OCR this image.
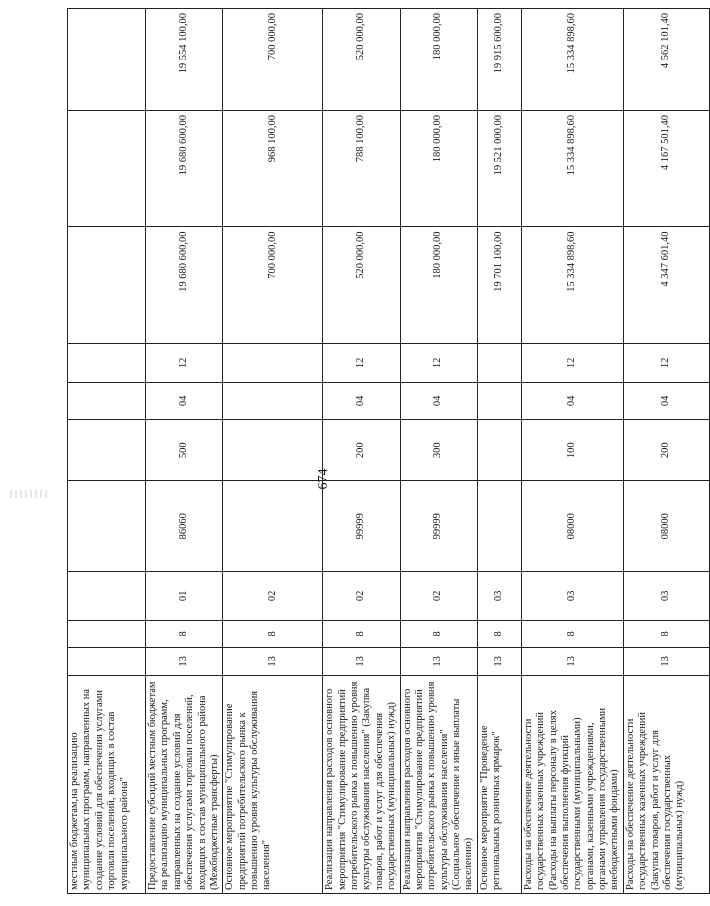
674
местным бюджетам,на реализацию муниципальных программ, направленных на создание условий для обеспечения услугами торговли поселений, входящих в состав муниципального района"										
Предоставление субсидий местным бюджетам на реализацию муниципальных программ, направленных на создание условий для обеспечения услугами торговли поселений, входящих в состав муниципального района (Межбюджетные трансферты)	13	8	01	86060	500	04	12	19 680 600,00	19 680 600,00	19 554 100,00
Основное мероприятие "Стимулирование предприятий потребительского рынка к повышению уровня культуры обслуживания населения"	13	8	02					700 000,00	968 100,00	700 000,00
Реализация направления расходов основного мероприятия "Стимулирование предприятий потребительского рынка к повышению уровня культуры обслуживания населения" (Закупка товаров, работ и услуг для обеспечения государственных (муниципальных) нужд)	13	8	02	99999	200	04	12	520 000,00	788 100,00	520 000,00
Реализация направления расходов основного мероприятия "Стимулирование предприятий потребительского рынка к повышению уровня культуры обслуживания населения" (Социальное обеспечение и иные выплаты населению)	13	8	02	99999	300	04	12	180 000,00	180 000,00	180 000,00
Основное мероприятие "Проведение региональных розничных ярмарок"	13	8	03					19 701 100,00	19 521 000,00	19 915 600,00
Расходы на обеспечение деятельности государственных казенных учреждений (Расходы на выплаты персоналу в целях обеспечения выполнения функций государственными (муниципальными) органами, казенными учреждениями, органами управления государственными внебюджетными фондами)	13	8	03	08000	100	04	12	15 334 898,60	15 334 898,60	15 334 898,60
Расходы на обеспечение деятельности государственных казенных учреждений (Закупка товаров, работ и услуг для обеспечения государственных (муниципальных) нужд)	13	8	03	08000	200	04	12	4 347 601,40	4 167 501,40	4 562 101,40
